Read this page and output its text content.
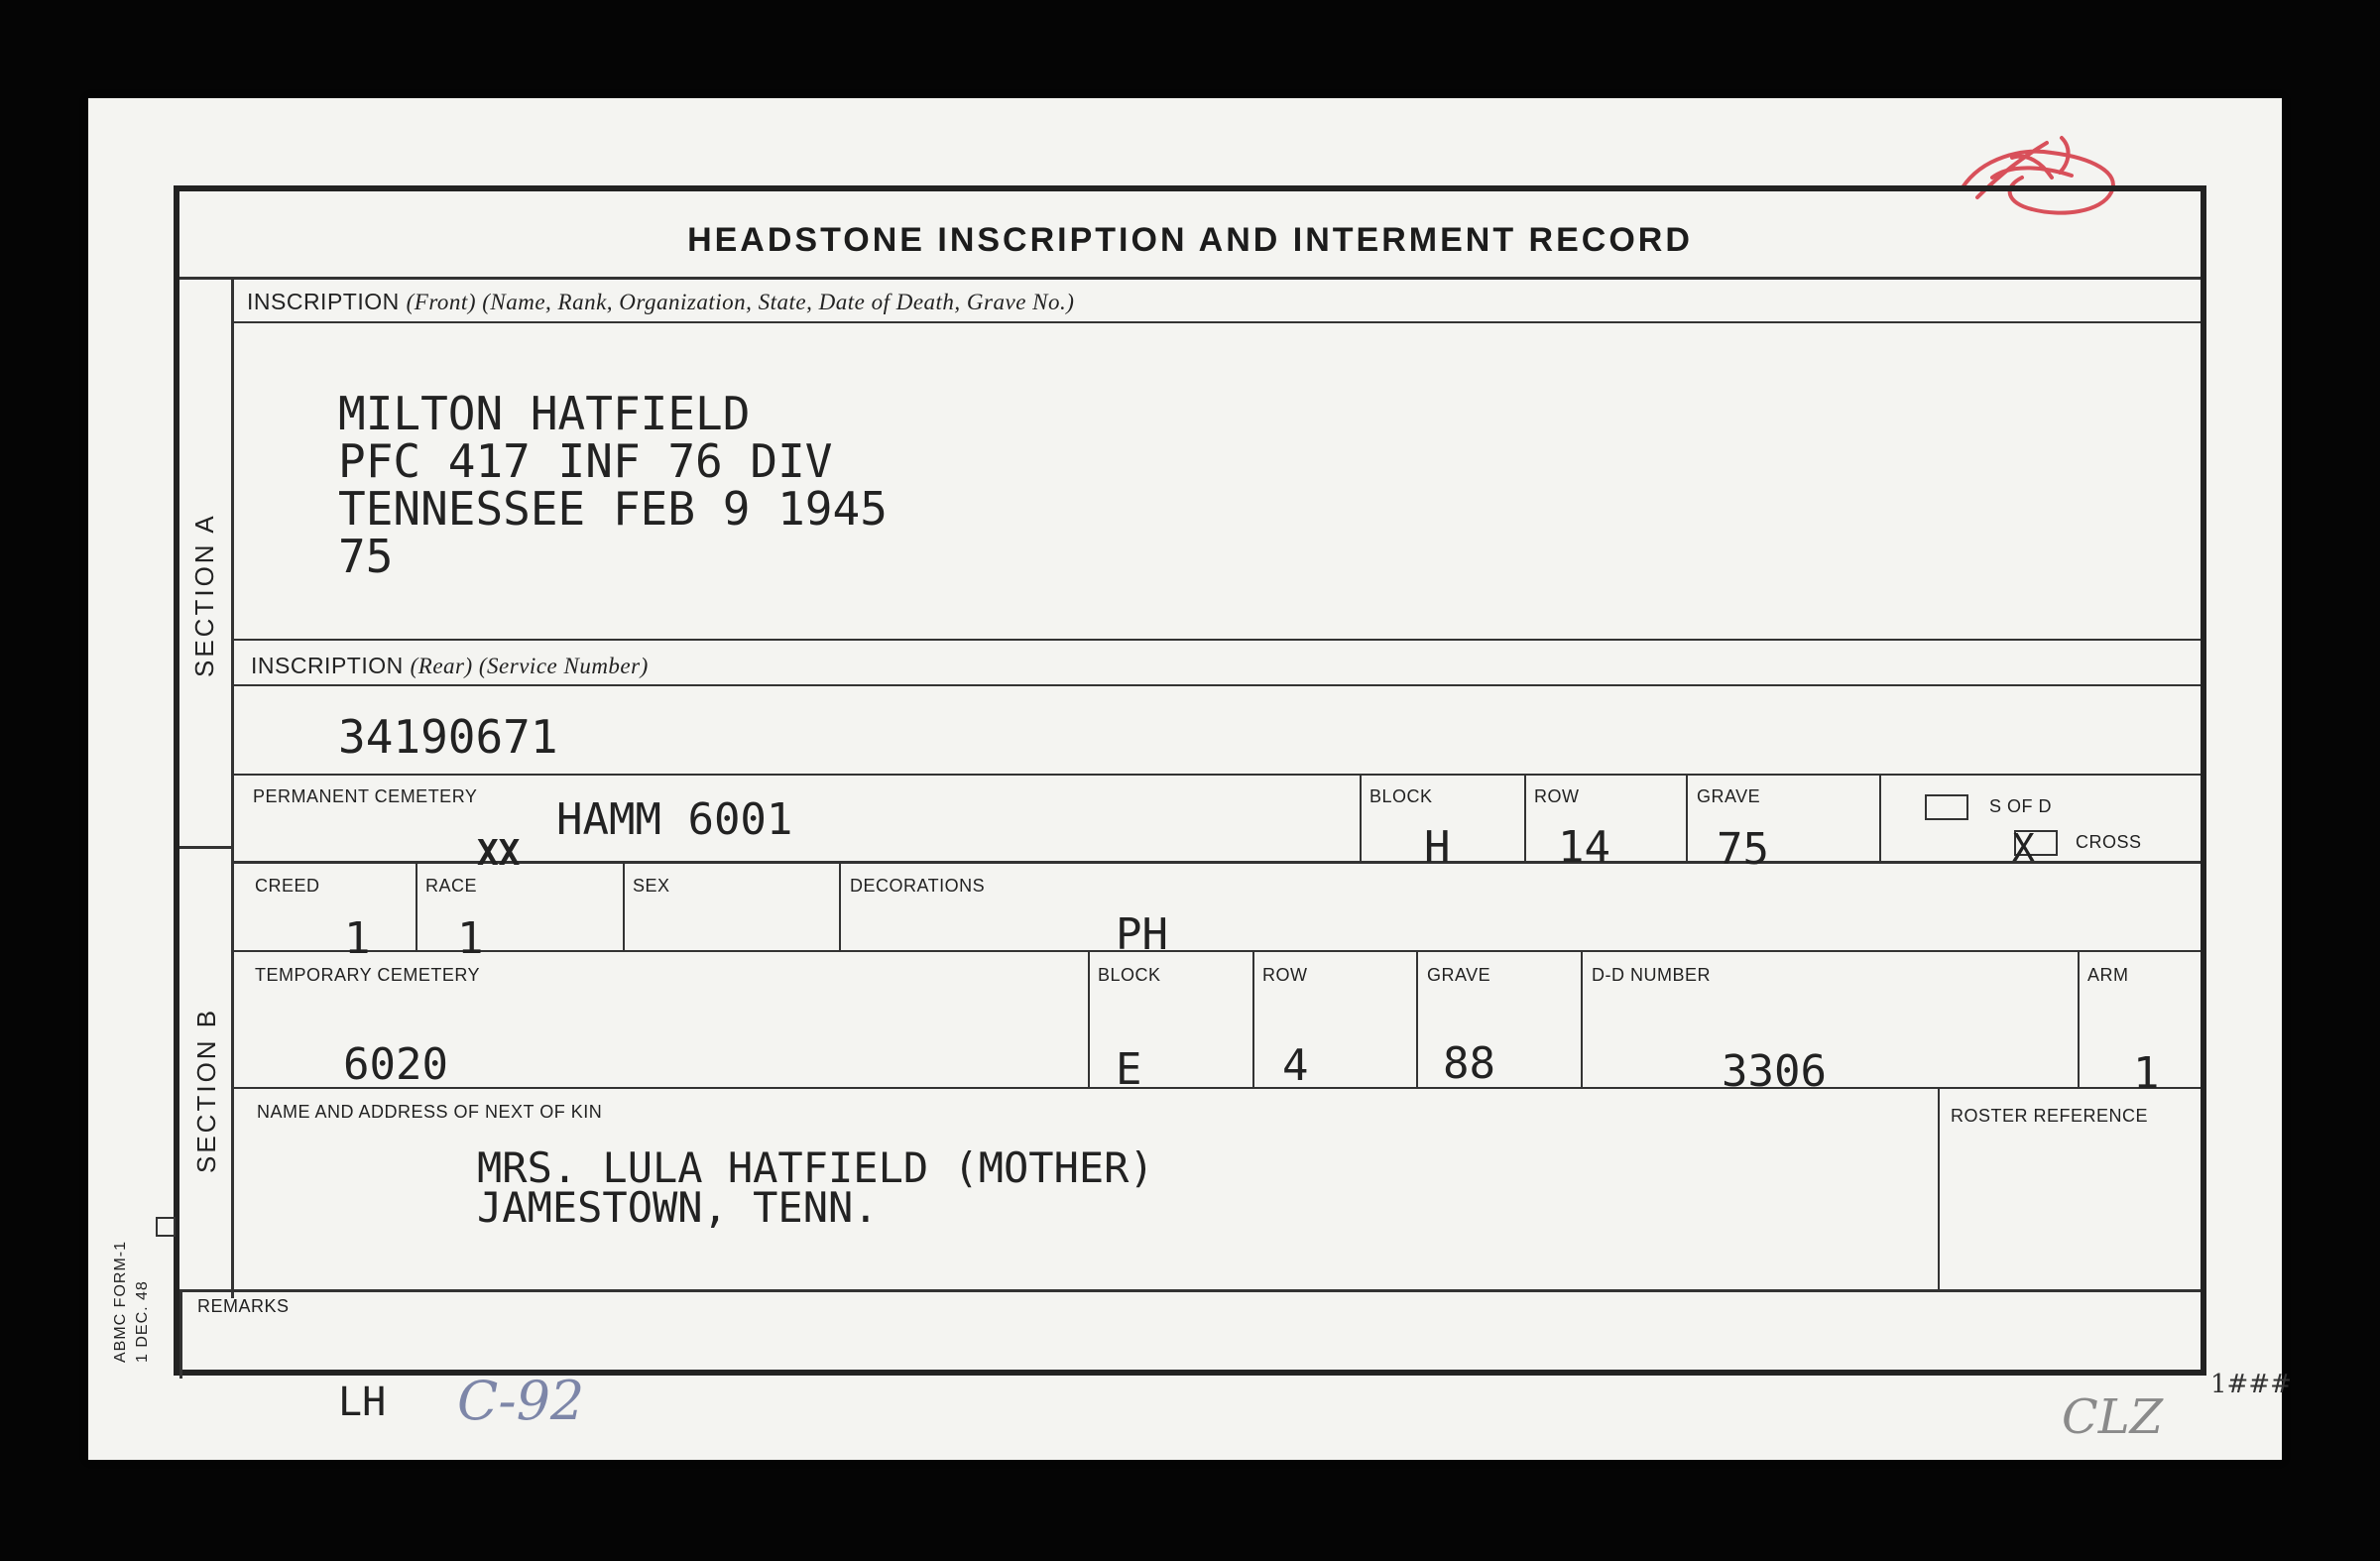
HEADSTONE INSCRIPTION AND INTERMENT RECORD
SECTION A
SECTION B
INSCRIPTION (Front) (Name, Rank, Organization, State, Date of Death, Grave No.)
MILTON HATFIELD
PFC 417 INF 76 DIV
TENNESSEE FEB 9 1945
75
INSCRIPTION (Rear) (Service Number)
34190671
PERMANENT CEMETERY HAMM 6001
XX
BLOCK
H
ROW
14
GRAVE
75
S OF D
X CROSS
CREED
1
RACE
1
SEX	DECORATIONS
PH
TEMPORARY CEMETERY
6020
BLOCK
E
ROW
4
GRAVE
88
D-D NUMBER
3306
ARM
1
NAME AND ADDRESS OF NEXT OF KIN
MRS. LULA HATFIELD (MOTHER)
JAMESTOWN, TENN.
ROSTER REFERENCE
REMARKS
ABMC FORM-1 1 DEC. 48
LH C-92	CLZ
1###
